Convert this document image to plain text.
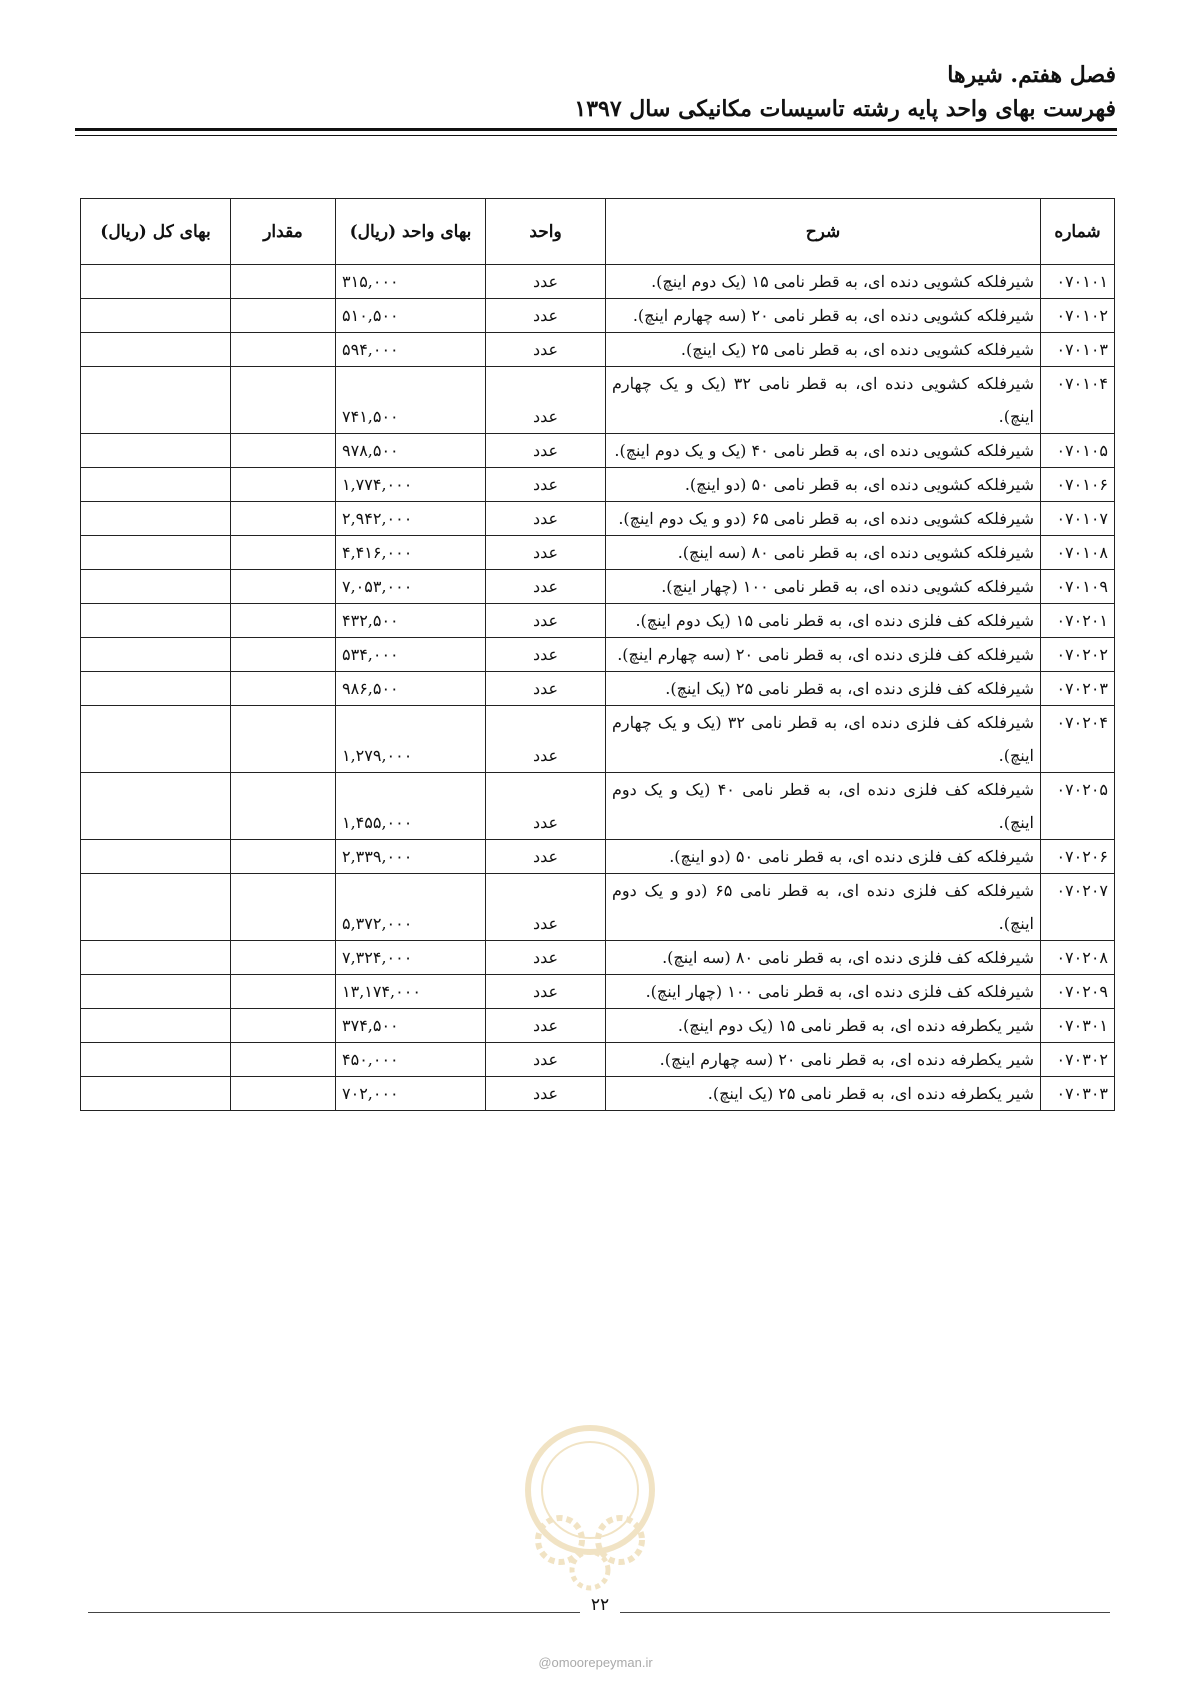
فصل هفتم. شیرها
فهرست بهای واحد پایه رشته تاسیسات مکانیکی سال ۱۳۹۷
شماره	شرح	واحد	بهای واحد (ریال)	مقدار	بهای کل (ریال)
۰۷۰۱۰۱	شیرفلکه کشویی دنده ای، به قطر نامی ۱۵ (یک دوم اینچ).	عدد	۳۱۵,۰۰۰		
۰۷۰۱۰۲	شیرفلکه کشویی دنده ای، به قطر نامی ۲۰ (سه چهارم اینچ).	عدد	۵۱۰,۵۰۰		
۰۷۰۱۰۳	شیرفلکه کشویی دنده ای، به قطر نامی ۲۵ (یک اینچ).	عدد	۵۹۴,۰۰۰		
۰۷۰۱۰۴	شیرفلکه کشویی دنده ای، به قطر نامی ۳۲ (یک و یک چهارم اینچ).	عدد	۷۴۱,۵۰۰		
۰۷۰۱۰۵	شیرفلکه کشویی دنده ای، به قطر نامی ۴۰ (یک و یک دوم اینچ).	عدد	۹۷۸,۵۰۰		
۰۷۰۱۰۶	شیرفلکه کشویی دنده ای، به قطر نامی ۵۰ (دو اینچ).	عدد	۱,۷۷۴,۰۰۰		
۰۷۰۱۰۷	شیرفلکه کشویی دنده ای، به قطر نامی ۶۵ (دو و یک دوم اینچ).	عدد	۲,۹۴۲,۰۰۰		
۰۷۰۱۰۸	شیرفلکه کشویی دنده ای، به قطر نامی ۸۰ (سه اینچ).	عدد	۴,۴۱۶,۰۰۰		
۰۷۰۱۰۹	شیرفلکه کشویی دنده ای، به قطر نامی ۱۰۰ (چهار اینچ).	عدد	۷,۰۵۳,۰۰۰		
۰۷۰۲۰۱	شیرفلکه کف فلزی دنده ای، به قطر نامی ۱۵ (یک دوم اینچ).	عدد	۴۳۲,۵۰۰		
۰۷۰۲۰۲	شیرفلکه کف فلزی دنده ای، به قطر نامی ۲۰ (سه چهارم اینچ).	عدد	۵۳۴,۰۰۰		
۰۷۰۲۰۳	شیرفلکه کف فلزی دنده ای، به قطر نامی ۲۵ (یک اینچ).	عدد	۹۸۶,۵۰۰		
۰۷۰۲۰۴	شیرفلکه کف فلزی دنده ای، به قطر نامی ۳۲ (یک و یک چهارم اینچ).	عدد	۱,۲۷۹,۰۰۰		
۰۷۰۲۰۵	شیرفلکه کف فلزی دنده ای، به قطر نامی ۴۰ (یک و یک دوم اینچ).	عدد	۱,۴۵۵,۰۰۰		
۰۷۰۲۰۶	شیرفلکه کف فلزی دنده ای، به قطر نامی ۵۰ (دو اینچ).	عدد	۲,۳۳۹,۰۰۰		
۰۷۰۲۰۷	شیرفلکه کف فلزی دنده ای، به قطر نامی ۶۵ (دو و یک دوم اینچ).	عدد	۵,۳۷۲,۰۰۰		
۰۷۰۲۰۸	شیرفلکه کف فلزی دنده ای، به قطر نامی ۸۰ (سه اینچ).	عدد	۷,۳۲۴,۰۰۰		
۰۷۰۲۰۹	شیرفلکه کف فلزی دنده ای، به قطر نامی ۱۰۰ (چهار اینچ).	عدد	۱۳,۱۷۴,۰۰۰		
۰۷۰۳۰۱	شیر یکطرفه دنده ای، به قطر نامی ۱۵ (یک دوم اینچ).	عدد	۳۷۴,۵۰۰		
۰۷۰۳۰۲	شیر یکطرفه دنده ای، به قطر نامی ۲۰ (سه چهارم اینچ).	عدد	۴۵۰,۰۰۰		
۰۷۰۳۰۳	شیر یکطرفه دنده ای، به قطر نامی ۲۵ (یک اینچ).	عدد	۷۰۲,۰۰۰		
۲۲
@omoorepeyman.ir
